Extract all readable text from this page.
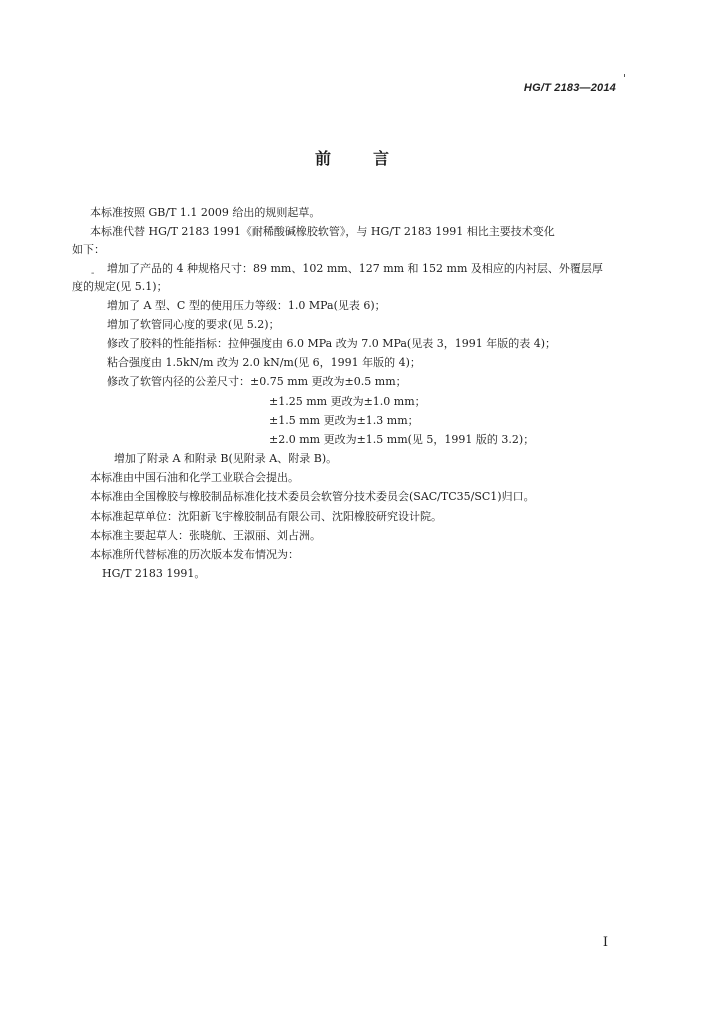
HG/T 2183—2014
前言
本标准按照 GB/T 1.1 2009 给出的规则起草。
本标准代替 HG/T 2183 1991《耐稀酸碱橡胶软管》，与 HG/T 2183 1991 相比主要技术变化
如下：
- 增加了产品的 4 种规格尺寸：89 mm、102 mm、127 mm 和 152 mm 及相应的内衬层、外覆层厚
度的规定(见 5.1)；
增加了 A 型、C 型的使用压力等级：1.0 MPa(见表 6)；
增加了软管同心度的要求(见 5.2)；
修改了胶料的性能指标：拉伸强度由 6.0 MPa 改为 7.0 MPa(见表 3，1991 年版的表 4)；
粘合强度由 1.5kN/m 改为 2.0 kN/m(见 6，1991 年版的 4)；
修改了软管内径的公差尺寸：±0.75 mm 更改为±0.5 mm；
±1.25 mm 更改为±1.0 mm；
±1.5 mm 更改为±1.3 mm；
±2.0 mm 更改为±1.5 mm(见 5，1991 版的 3.2)；
增加了附录 A 和附录 B(见附录 A、附录 B)。
本标准由中国石油和化学工业联合会提出。
本标准由全国橡胶与橡胶制品标准化技术委员会软管分技术委员会(SAC/TC35/SC1)归口。
本标准起草单位：沈阳新飞宇橡胶制品有限公司、沈阳橡胶研究设计院。
本标准主要起草人：张晓航、王淑丽、刘占洲。
本标准所代替标准的历次版本发布情况为：
HG/T 2183 1991。
I
